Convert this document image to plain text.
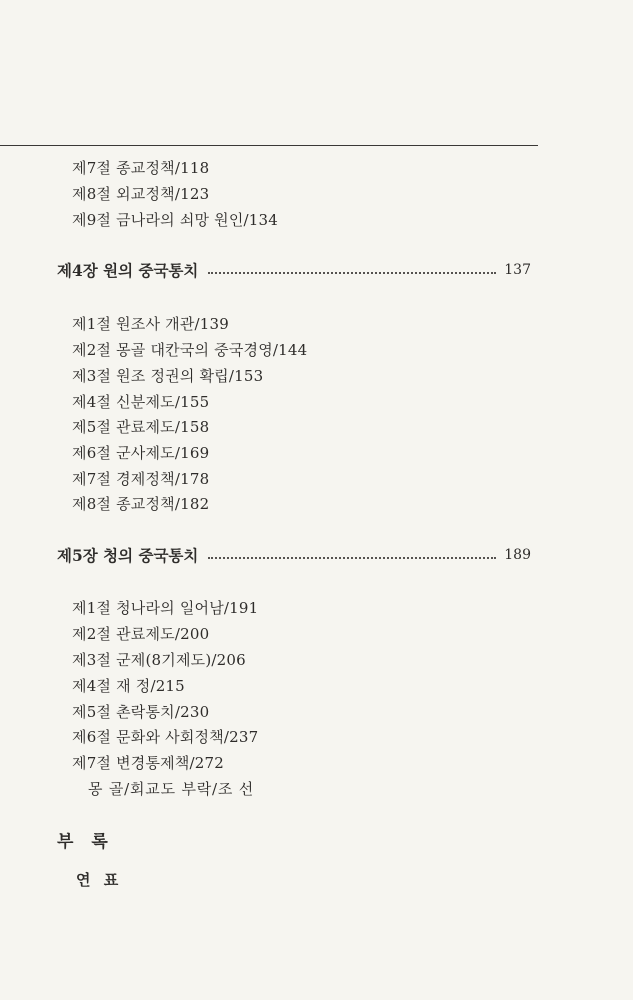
제7절 종교정책/118
제8절 외교정책/123
제9절 금나라의 쇠망 원인/134
제4장 원의 중국통치	137
제1절 원조사 개관/139
제2절 몽골 대칸국의 중국경영/144
제3절 원조 정권의 확립/153
제4절 신분제도/155
제5절 관료제도/158
제6절 군사제도/169
제7절 경제정책/178
제8절 종교정책/182
제5장 청의 중국통치	189
제1절 청나라의 일어남/191
제2절 관료제도/200
제3절 군제(8기제도)/206
제4절 재 정/215
제5절 촌락통치/230
제6절 문화와 사회정책/237
제7절 변경통제책/272
몽 골/회교도 부락/조 선
부 록
연 표
